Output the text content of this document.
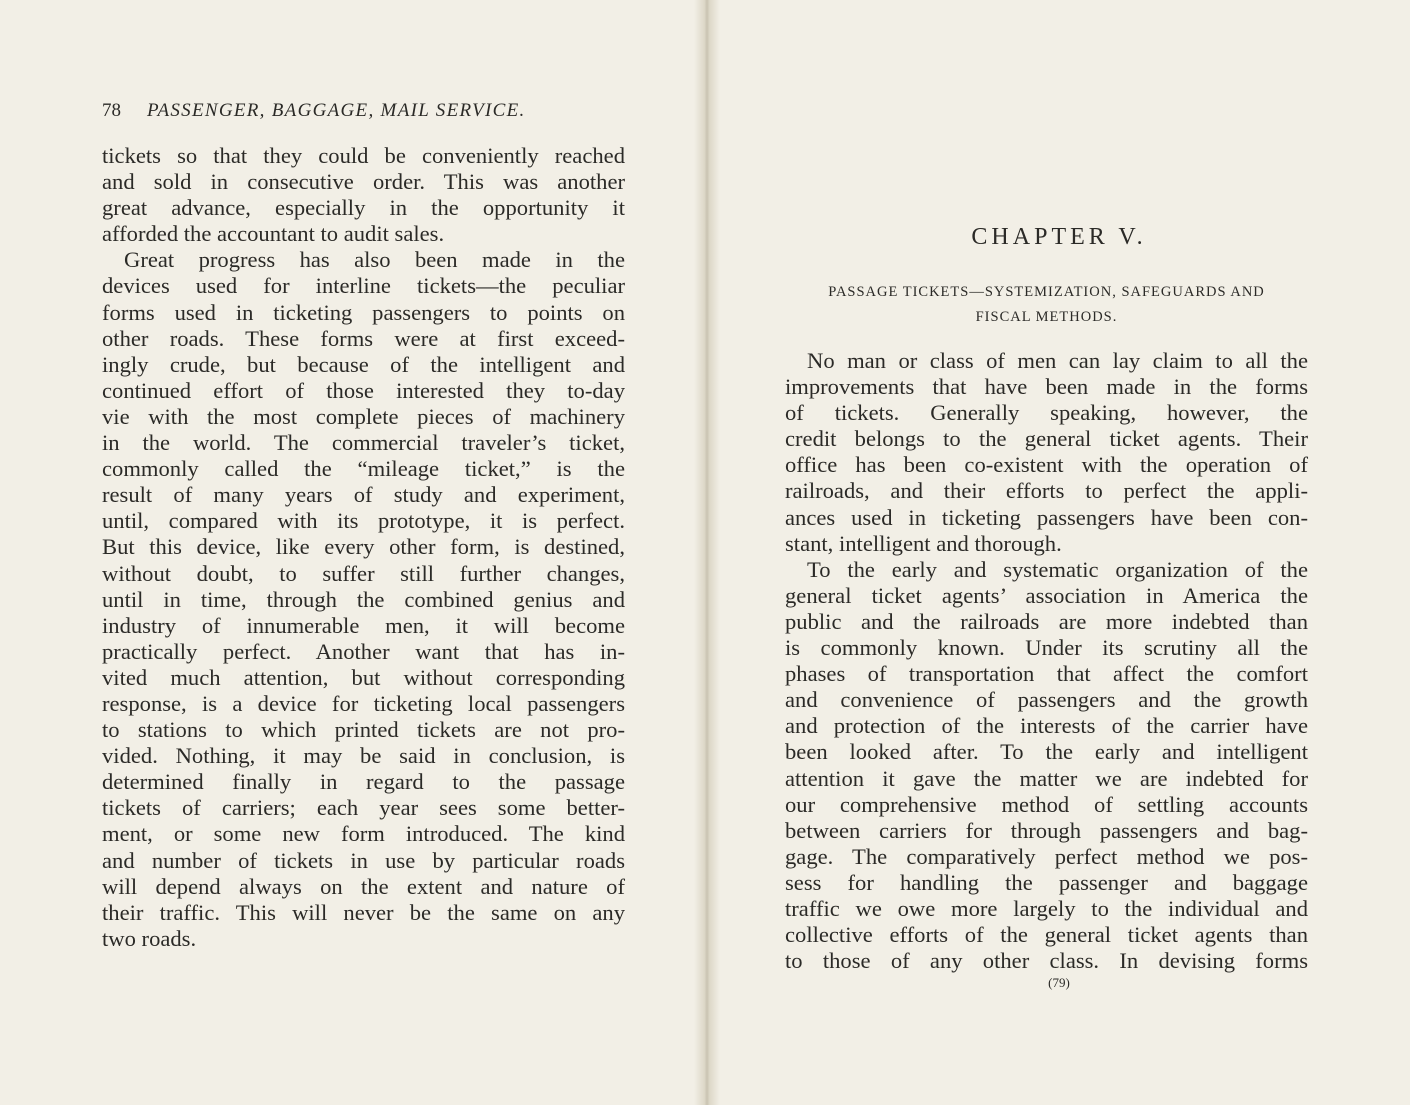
78 PASSENGER, BAGGAGE, MAIL SERVICE.
tickets so that they could be conveniently reached
and sold in consecutive order. This was another
great advance, especially in the opportunity it
afforded the accountant to audit sales.
Great progress has also been made in the
devices used for interline tickets—the peculiar
forms used in ticketing passengers to points on
other roads. These forms were at first exceed-
ingly crude, but because of the intelligent and
continued effort of those interested they to-day
vie with the most complete pieces of machinery
in the world. The commercial traveler’s ticket,
commonly called the “mileage ticket,” is the
result of many years of study and experiment,
until, compared with its prototype, it is perfect.
But this device, like every other form, is destined,
without doubt, to suffer still further changes,
until in time, through the combined genius and
industry of innumerable men, it will become
practically perfect. Another want that has in-
vited much attention, but without corresponding
response, is a device for ticketing local passengers
to stations to which printed tickets are not pro-
vided. Nothing, it may be said in conclusion, is
determined finally in regard to the passage
tickets of carriers; each year sees some better-
ment, or some new form introduced. The kind
and number of tickets in use by particular roads
will depend always on the extent and nature of
their traffic. This will never be the same on any
two roads.
CHAPTER V.
PASSAGE TICKETS—SYSTEMIZATION, SAFEGUARDS AND
FISCAL METHODS.
No man or class of men can lay claim to all the
improvements that have been made in the forms
of tickets. Generally speaking, however, the
credit belongs to the general ticket agents. Their
office has been co-existent with the operation of
railroads, and their efforts to perfect the appli-
ances used in ticketing passengers have been con-
stant, intelligent and thorough.
To the early and systematic organization of the
general ticket agents’ association in America the
public and the railroads are more indebted than
is commonly known. Under its scrutiny all the
phases of transportation that affect the comfort
and convenience of passengers and the growth
and protection of the interests of the carrier have
been looked after. To the early and intelligent
attention it gave the matter we are indebted for
our comprehensive method of settling accounts
between carriers for through passengers and bag-
gage. The comparatively perfect method we pos-
sess for handling the passenger and baggage
traffic we owe more largely to the individual and
collective efforts of the general ticket agents than
to those of any other class. In devising forms
(79)
